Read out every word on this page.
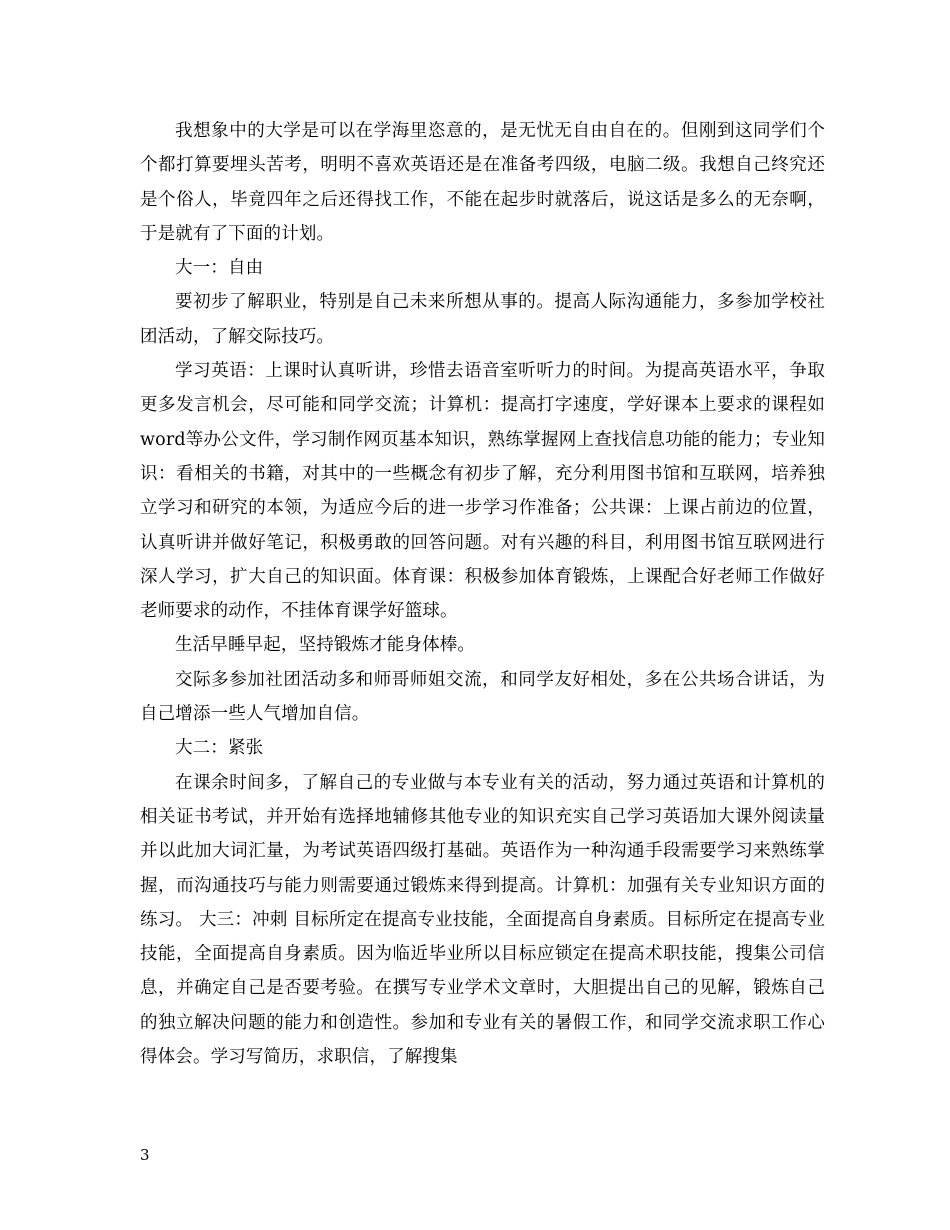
我想象中的大学是可以在学海里恣意的，是无忧无自由自在的。但刚到这同学们个个都打算要埋头苦考，明明不喜欢英语还是在准备考四级，电脑二级。我想自己终究还是个俗人，毕竟四年之后还得找工作，不能在起步时就落后，说这话是多么的无奈啊，于是就有了下面的计划。

大一：自由

要初步了解职业，特别是自己未来所想从事的。提高人际沟通能力，多参加学校社团活动，了解交际技巧。

学习英语：上课时认真听讲，珍惜去语音室听听力的时间。为提高英语水平，争取更多发言机会，尽可能和同学交流；计算机：提高打字速度，学好课本上要求的课程如word等办公文件，学习制作网页基本知识，熟练掌握网上查找信息功能的能力；专业知识：看相关的书籍，对其中的一些概念有初步了解，充分利用图书馆和互联网，培养独立学习和研究的本领，为适应今后的进一步学习作准备；公共课：上课占前边的位置，认真听讲并做好笔记，积极勇敢的回答问题。对有兴趣的科目，利用图书馆互联网进行深人学习，扩大自己的知识面。体育课：积极参加体育锻炼，上课配合好老师工作做好老师要求的动作，不挂体育课学好篮球。

生活早睡早起，坚持锻炼才能身体棒。

交际多参加社团活动多和师哥师姐交流，和同学友好相处，多在公共场合讲话，为自己增添一些人气增加自信。

大二：紧张

在课余时间多，了解自己的专业做与本专业有关的活动，努力通过英语和计算机的相关证书考试，并开始有选择地辅修其他专业的知识充实自己学习英语加大课外阅读量并以此加大词汇量，为考试英语四级打基础。英语作为一种沟通手段需要学习来熟练掌握，而沟通技巧与能力则需要通过锻炼来得到提高。计算机：加强有关专业知识方面的练习。 大三：冲刺 目标所定在提高专业技能，全面提高自身素质。目标所定在提高专业技能，全面提高自身素质。因为临近毕业所以目标应锁定在提高术职技能，搜集公司信息，并确定自己是否要考验。在撰写专业学术文章时，大胆提出自己的见解，锻炼自己的独立解决问题的能力和创造性。参加和专业有关的暑假工作，和同学交流求职工作心得体会。学习写简历，求职信，了解搜集

3
